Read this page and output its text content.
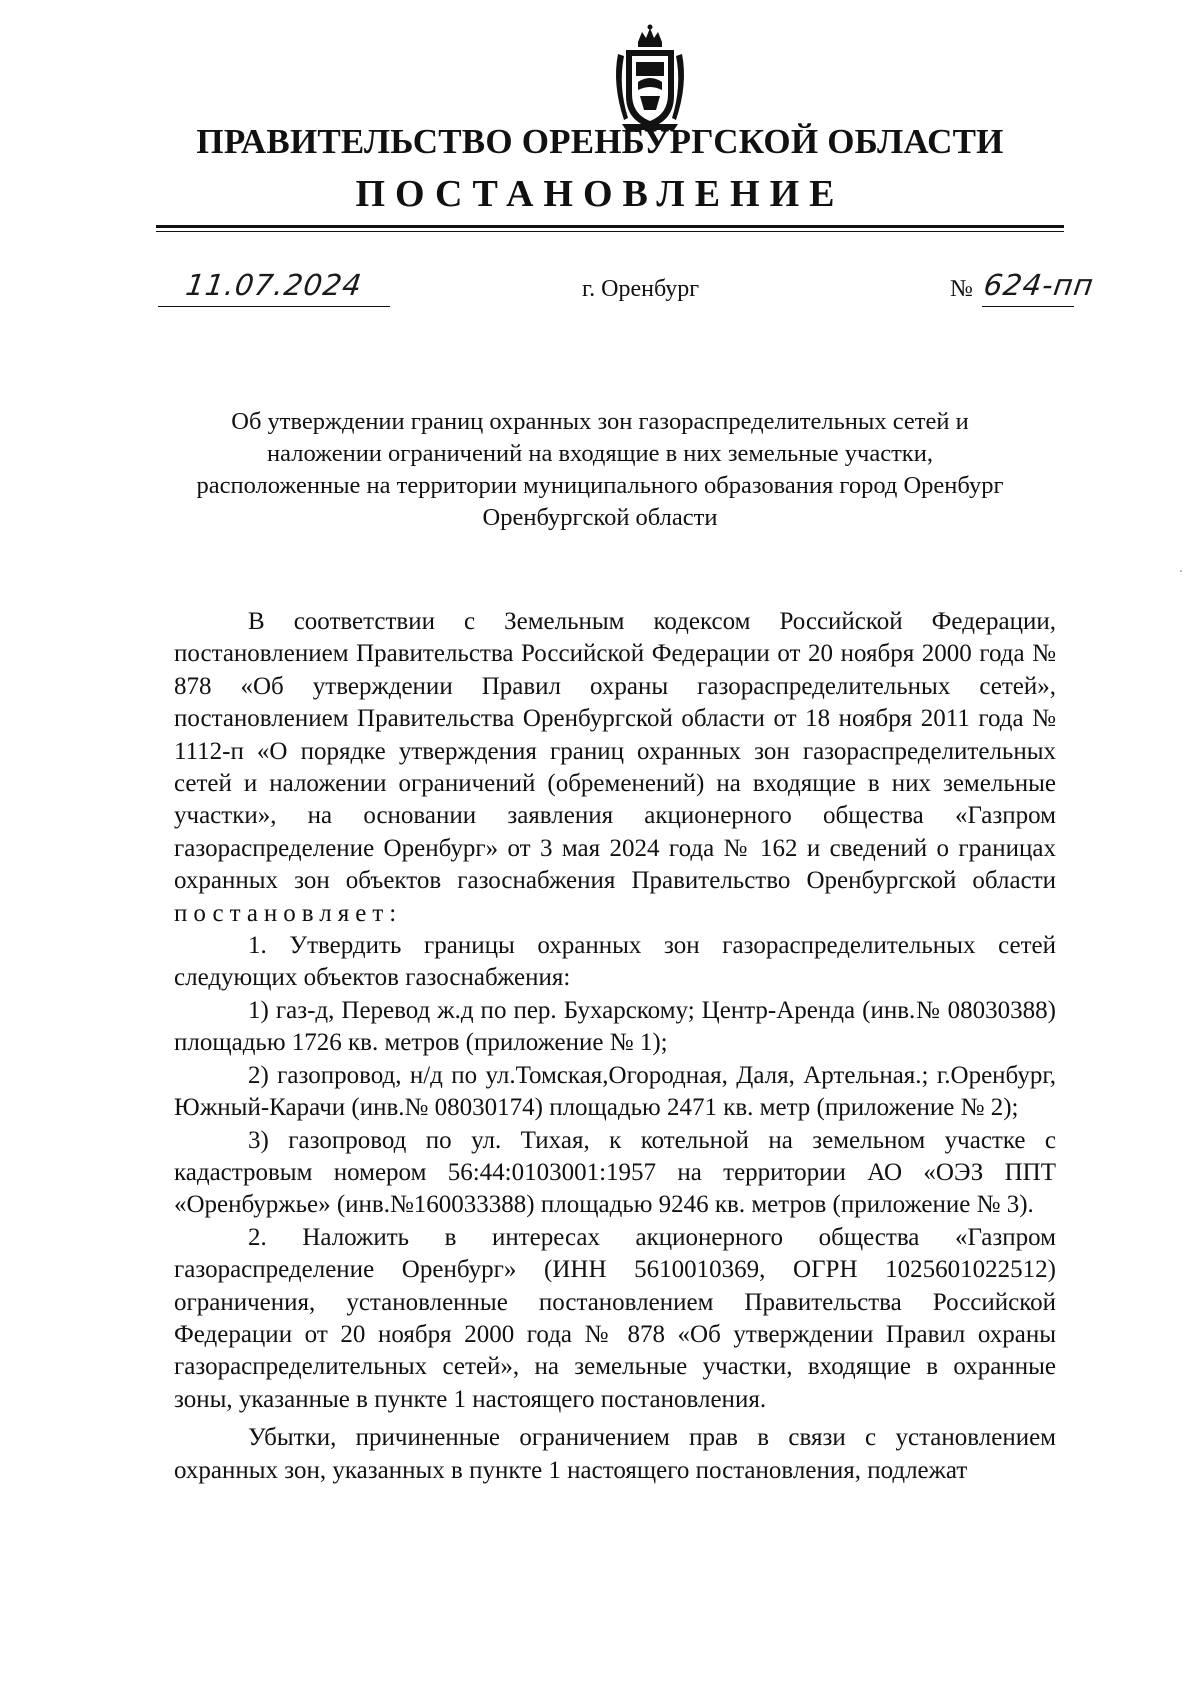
ПРАВИТЕЛЬСТВО ОРЕНБУРГСКОЙ ОБЛАСТИ
ПОСТАНОВЛЕНИЕ
11.07.2024	г. Оренбург	№ 624-пп
Об утверждении границ охранных зон газораспределительных сетей и
наложении ограничений на входящие в них земельные участки,
расположенные на территории муниципального образования город Оренбург
Оренбургской области

В соответствии с Земельным кодексом Российской Федерации, постановлением Правительства Российской Федерации от 20 ноября 2000 года № 878 «Об утверждении Правил охраны газораспределительных сетей», постановлением Правительства Оренбургской области от 18 ноября 2011 года № 1112-п «О порядке утверждения границ охранных зон газораспределительных сетей и наложении ограничений (обременений) на входящие в них земельные участки», на основании заявления акционерного общества «Газпром газораспределение Оренбург» от 3 мая 2024 года № 162 и сведений о границах охранных зон объектов газоснабжения Правительство Оренбургской области постановляет:

1. Утвердить границы охранных зон газораспределительных сетей следующих объектов газоснабжения:

1) газ-д, Перевод ж.д по пер. Бухарскому; Центр-Аренда (инв.№ 08030388) площадью 1726 кв. метров (приложение № 1);

2) газопровод, н/д по ул.Томская,Огородная, Даля, Артельная.; г.Оренбург, Южный-Карачи (инв.№ 08030174) площадью 2471 кв. метр (приложение № 2);

3) газопровод по ул. Тихая, к котельной на земельном участке с кадастровым номером 56:44:0103001:1957 на территории АО «ОЭЗ ППТ «Оренбуржье» (инв.№160033388) площадью 9246 кв. метров (приложение № 3).

2. Наложить в интересах акционерного общества «Газпром газораспределение Оренбург» (ИНН 5610010369, ОГРН 1025601022512) ограничения, установленные постановлением Правительства Российской Федерации от 20 ноября 2000 года № 878 «Об утверждении Правил охраны газораспределительных сетей», на земельные участки, входящие в охранные зоны, указанные в пункте 1 настоящего постановления.

Убытки, причиненные ограничением прав в связи с установлением охранных зон, указанных в пункте 1 настоящего постановления, подлежат
